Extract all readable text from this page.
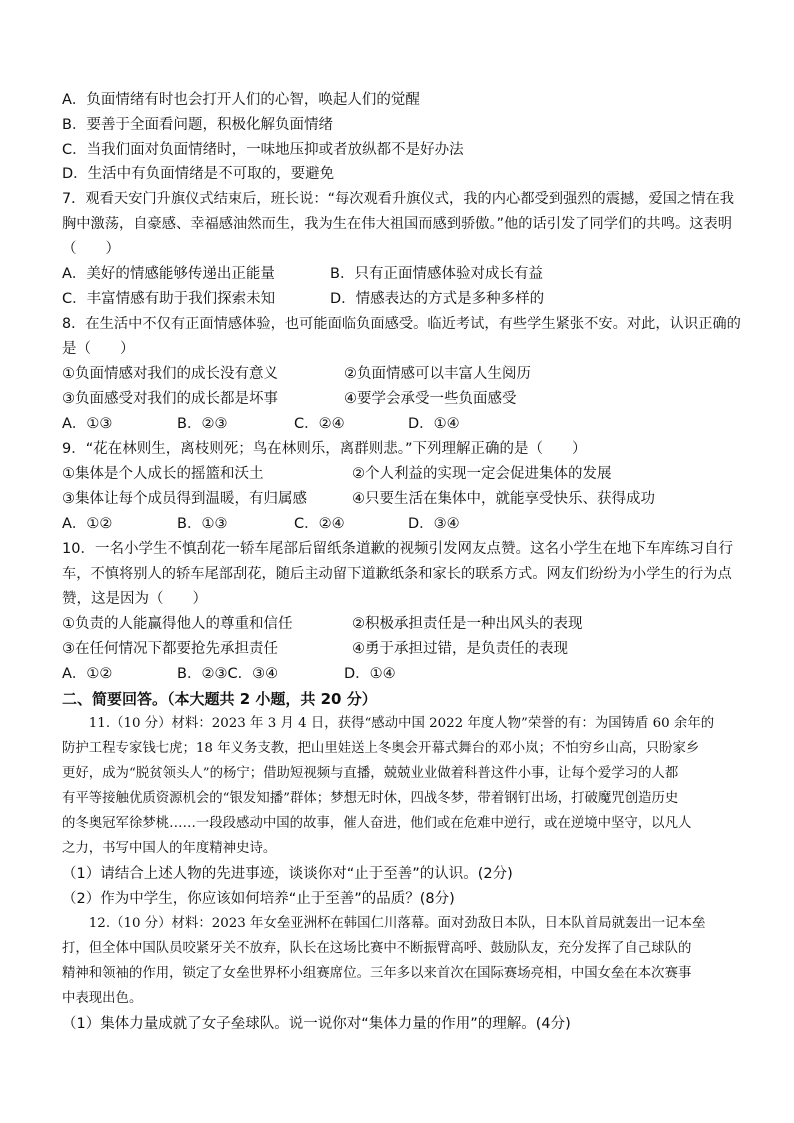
A．负面情绪有时也会打开人们的心智，唤起人们的觉醒
B．要善于全面看问题，积极化解负面情绪
C．当我们面对负面情绪时，一味地压抑或者放纵都不是好办法
D．生活中有负面情绪是不可取的，要避免
7．观看天安门升旗仪式结束后，班长说：“每次观看升旗仪式，我的内心都受到强烈的震撼，爱国之情在我
胸中激荡，自豪感、幸福感油然而生，我为生在伟大祖国而感到骄傲。”他的话引发了同学们的共鸣。这表明
（　　）
A．美好的情感能够传递出正能量	B．只有正面情感体验对成长有益
C．丰富情感有助于我们探索未知	D．情感表达的方式是多种多样的
8．在生活中不仅有正面情感体验，也可能面临负面感受。临近考试，有些学生紧张不安。对此，认识正确的
是（　　）
①负面情感对我们的成长没有意义	②负面情感可以丰富人生阅历
③负面感受对我们的成长都是坏事	④要学会承受一些负面感受
A．①③	B．②③	C．②④	D．①④
9．“花在林则生，离枝则死；鸟在林则乐，离群则悲。”下列理解正确的是（　　）
①集体是个人成长的摇篮和沃土	②个人利益的实现一定会促进集体的发展
③集体让每个成员得到温暖，有归属感	④只要生活在集体中，就能享受快乐、获得成功
A．①②	B．①③	C．②④	D．③④
10．一名小学生不慎刮花一轿车尾部后留纸条道歉的视频引发网友点赞。这名小学生在地下车库练习自行
车，不慎将别人的轿车尾部刮花，随后主动留下道歉纸条和家长的联系方式。网友们纷纷为小学生的行为点
赞，这是因为（　　）
①负责的人能赢得他人的尊重和信任	②积极承担责任是一种出风头的表现
③在任何情况下都要抢先承担责任	④勇于承担过错，是负责任的表现
A．①②	B．②③C．③④	D．①④
二、简要回答。（本大题共 2 小题，共 20 分）
　　11.（10 分）材料：2023 年 3 月 4 日，获得“感动中国 2022 年度人物”荣誉的有：为国铸盾 60 余年的
防护工程专家钱七虎；18 年义务支教，把山里娃送上冬奥会开幕式舞台的邓小岚；不怕穷乡山高，只盼家乡
更好，成为“脱贫领头人”的杨宁；借助短视频与直播，兢兢业业做着科普这件小事，让每个爱学习的人都
有平等接触优质资源机会的“银发知播”群体；梦想无时休，四战冬梦，带着钢钉出场，打破魔咒创造历史
的冬奥冠军徐梦桃……一段段感动中国的故事，催人奋进，他们或在危难中逆行，或在逆境中坚守，以凡人
之力，书写中国人的年度精神史诗。
（1）请结合上述人物的先进事迹，谈谈你对“止于至善”的认识。(2分)
（2）作为中学生，你应该如何培养“止于至善”的品质？(8分)
　　12.（10 分）材料：2023 年女垒亚洲杯在韩国仁川落幕。面对劲敌日本队，日本队首局就轰出一记本垒
打，但全体中国队员咬紧牙关不放弃，队长在这场比赛中不断振臂高呼、鼓励队友，充分发挥了自己球队的
精神和领袖的作用，锁定了女垒世界杯小组赛席位。三年多以来首次在国际赛场亮相，中国女垒在本次赛事
中表现出色。
（1）集体力量成就了女子垒球队。说一说你对“集体力量的作用”的理解。(4分)
